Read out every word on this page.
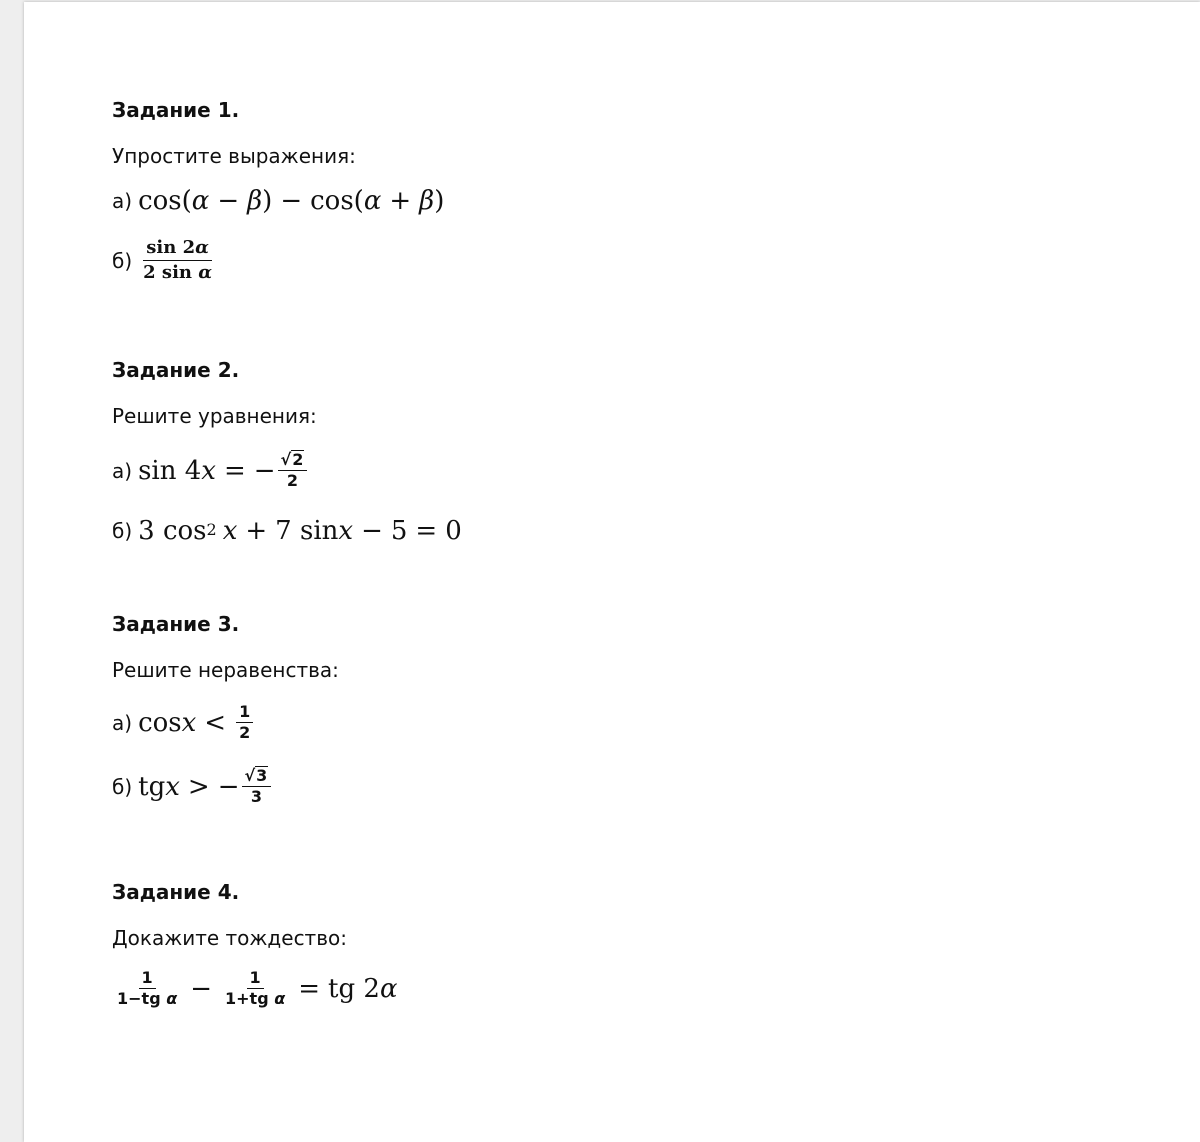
Задание 1.

Упростите выражения:

а) cos( α − β ) − cos( α + β )
$б) \frac{\sin 2\alpha}{\text{2 sin α}}$

Задание 2.

Решите уравнения:

а) sin 4 x = − $\frac{√ 2}{2}$
б) 3 $\cos^2 x + 7$ sin x − 5 = 0

Задание 3.

Решите неравенства:

а) $\cos x < \frac{1}{2}$
б) tg x > − $\frac{√ 3}{3}$

Задание 4.

Докажите тождество:

$\frac{1}{\text{1−tg α}} - \frac{1}{\text{1+tg α}}$ = tg 2 α
